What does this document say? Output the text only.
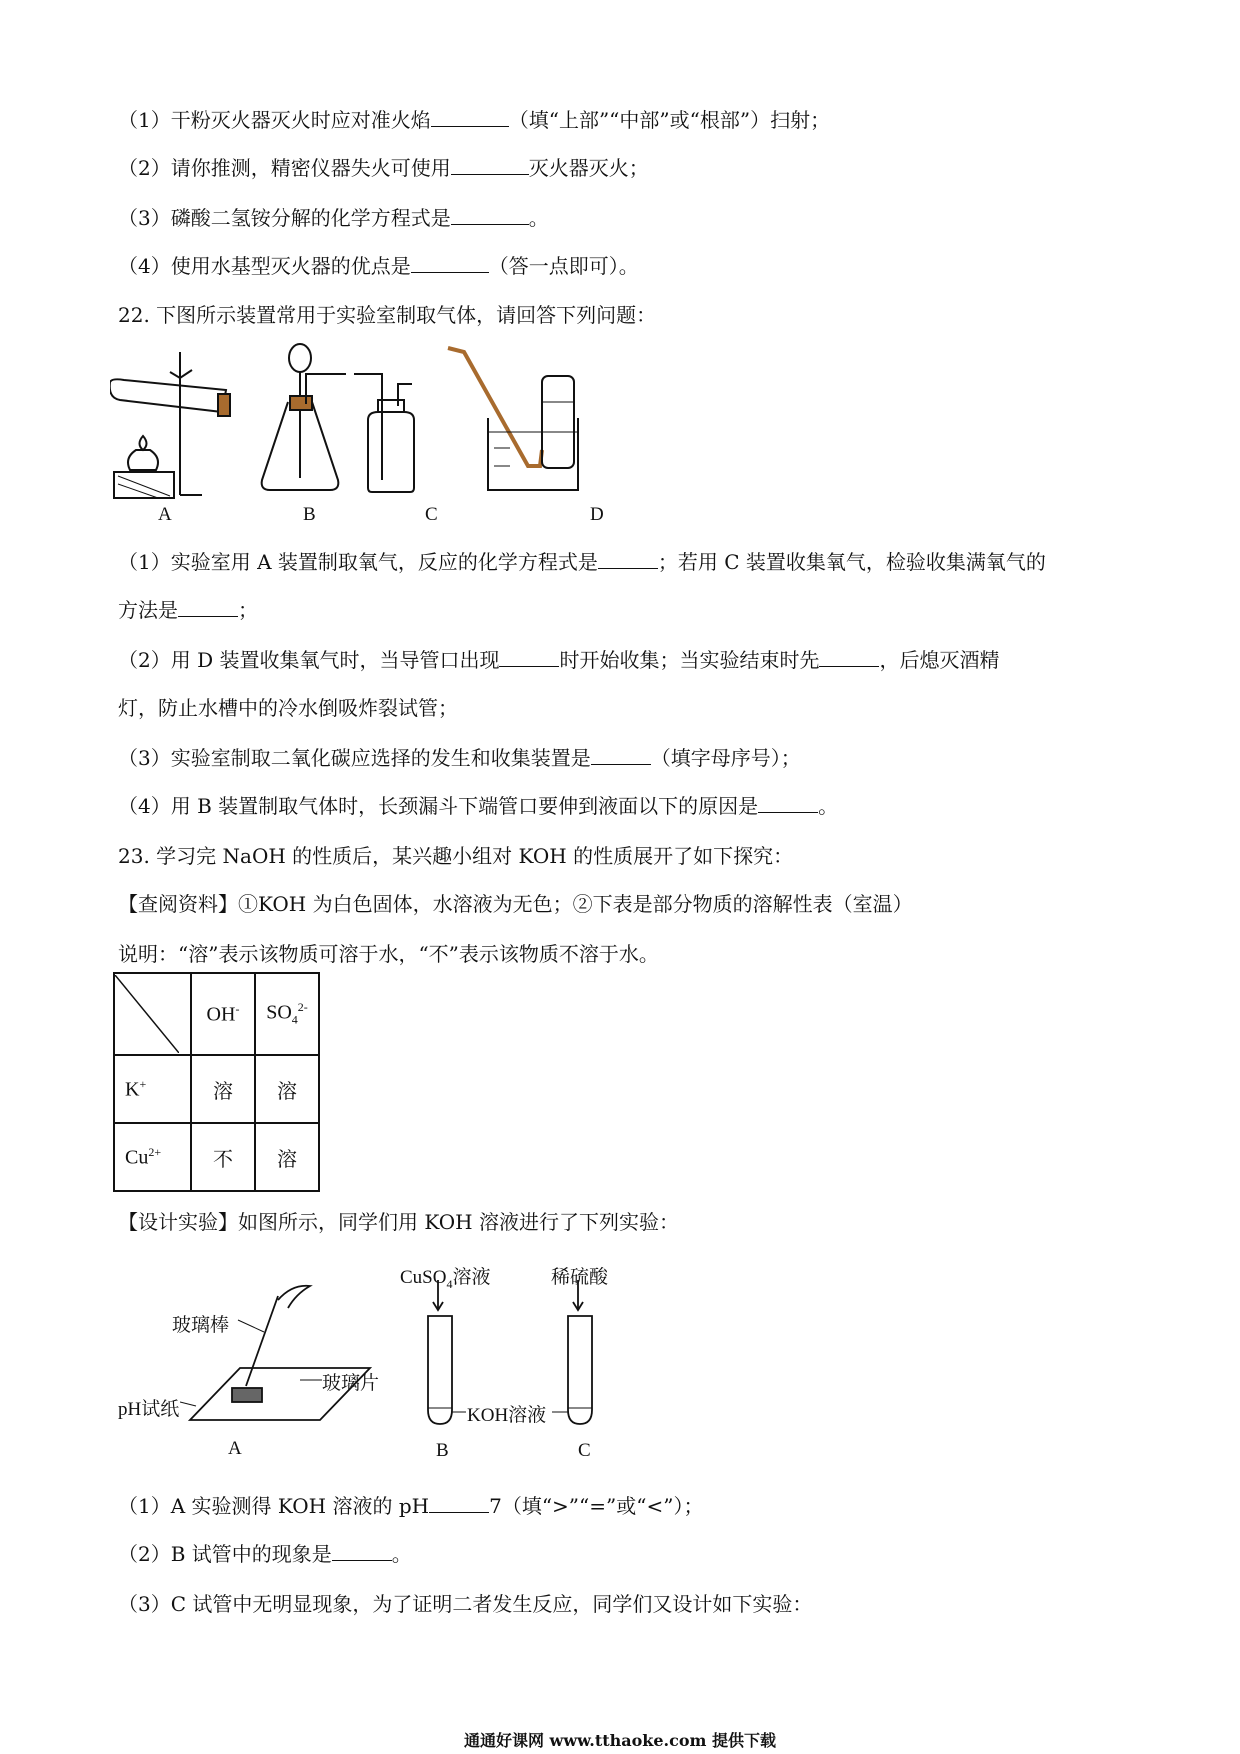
（1）干粉灭火器灭火时应对准火焰	（填“上部”“中部”或“根部”）扫射；
（2）请你推测，精密仪器失火可使用	灭火器灭火；
（3）磷酸二氢铵分解的化学方程式是	。
（4）使用水基型灭火器的优点是	（答一点即可）。
22. 下图所示装置常用于实验室制取气体，请回答下列问题：
A	B	C	D
（1）实验室用 A 装置制取氧气，反应的化学方程式是	；若用 C 装置收集氧气，检验收集满氧气的
方法是	；
（2）用 D 装置收集氧气时，当导管口出现	时开始收集；当实验结束时先	，后熄灭酒精
灯，防止水槽中的冷水倒吸炸裂试管；
（3）实验室制取二氧化碳应选择的发生和收集装置是	（填字母序号）；
（4）用 B 装置制取气体时，长颈漏斗下端管口要伸到液面以下的原因是	。
23. 学习完 NaOH 的性质后，某兴趣小组对 KOH 的性质展开了如下探究：
【查阅资料】①KOH 为白色固体，水溶液为无色；②下表是部分物质的溶解性表（室温）
说明：“溶”表示该物质可溶于水，“不”表示该物质不溶于水。
	OH-	$SO_4^{2-}$
K+	溶	溶
$Cu^{2+}$	不	溶
【设计实验】如图所示，同学们用 KOH 溶液进行了下列实验：
CuSO$_4$溶液	稀硫酸
玻璃棒
pH试纸
玻璃片
KOH溶液
A	B	C
（1）A 实验测得 KOH 溶液的 pH	7（填“>”“=”或“<”）；
（2）B 试管中的现象是	。
（3）C 试管中无明显现象，为了证明二者发生反应，同学们又设计如下实验：
通通好课网 www.tthaoke.com 提供下载
